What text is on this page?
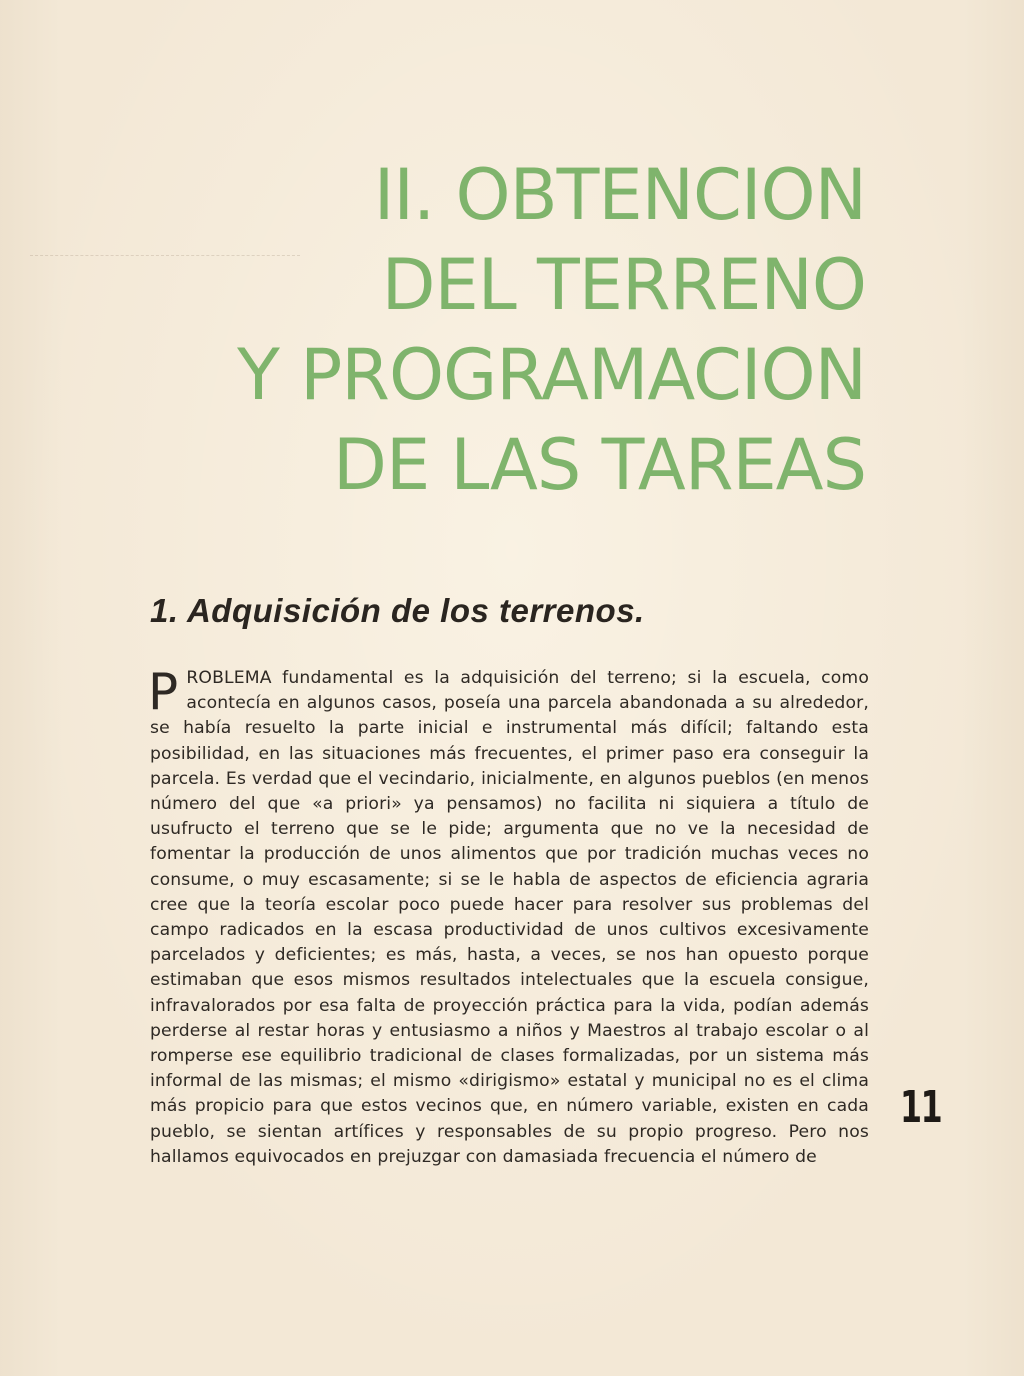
II. OBTENCION
DEL TERRENO
Y PROGRAMACION
DE LAS TAREAS
1. Adquisición de los terrenos.

PROBLEMA fundamental es la adquisición del terreno; si la escuela, como acontecía en algunos casos, poseía una parcela abandonada a su alrededor, se había resuelto la parte inicial e instrumental más difícil; faltando esta posibilidad, en las situaciones más frecuentes, el primer paso era conseguir la parcela. Es verdad que el vecindario, inicialmente, en algunos pueblos (en menos número del que «a priori» ya pensamos) no facilita ni siquiera a título de usufructo el terreno que se le pide; argumenta que no ve la necesidad de fomentar la producción de unos alimentos que por tradición muchas veces no consume, o muy escasamente; si se le habla de aspectos de eficiencia agraria cree que la teoría escolar poco puede hacer para resolver sus problemas del campo radicados en la escasa productividad de unos cultivos excesivamente parcelados y deficientes; es más, hasta, a veces, se nos han opuesto porque estimaban que esos mismos resultados intelectuales que la escuela consigue, infravalorados por esa falta de proyección práctica para la vida, podían además perderse al restar horas y entusiasmo a niños y Maestros al trabajo escolar o al romperse ese equilibrio tradicional de clases formalizadas, por un sistema más informal de las mismas; el mismo «dirigismo» estatal y municipal no es el clima más propicio para que estos vecinos que, en número variable, existen en cada pueblo, se sientan artífices y responsables de su propio progreso. Pero nos hallamos equivocados en prejuzgar con damasiada frecuencia el número de

11
